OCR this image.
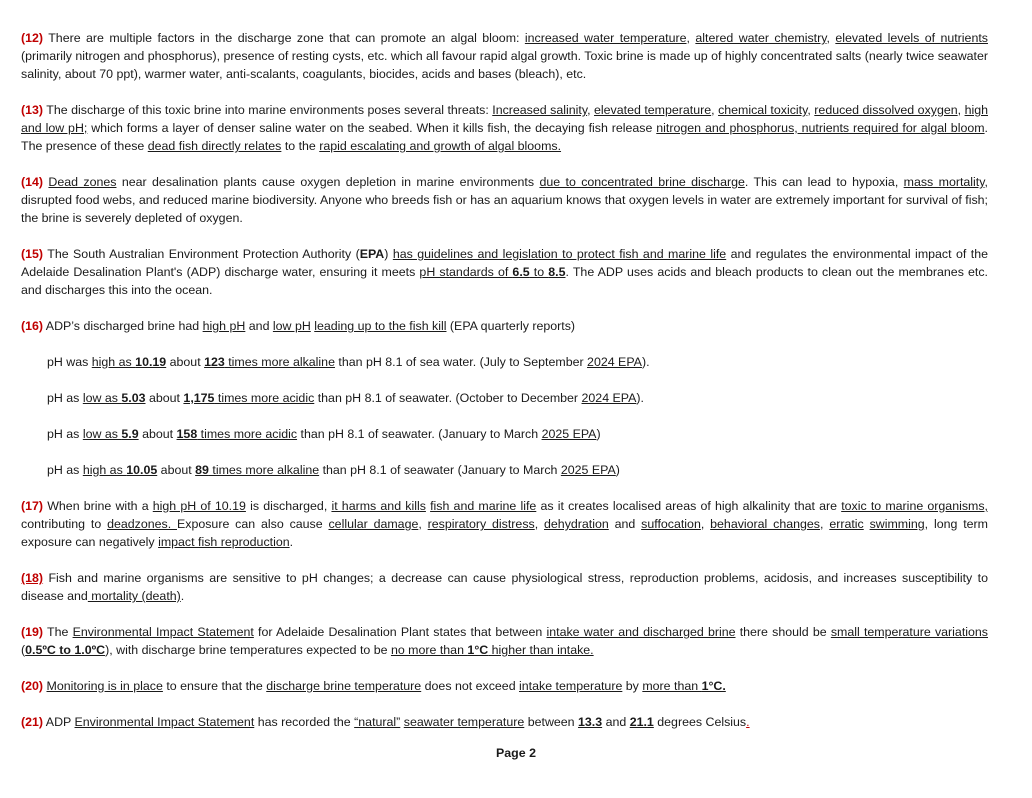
(12) There are multiple factors in the discharge zone that can promote an algal bloom: increased water temperature, altered water chemistry, elevated levels of nutrients (primarily nitrogen and phosphorus), presence of resting cysts, etc. which all favour rapid algal growth. Toxic brine is made up of highly concentrated salts (nearly twice seawater salinity, about 70 ppt), warmer water, anti-scalants, coagulants, biocides, acids and bases (bleach), etc.

(13) The discharge of this toxic brine into marine environments poses several threats: Increased salinity, elevated temperature, chemical toxicity, reduced dissolved oxygen, high and low pH; which forms a layer of denser saline water on the seabed. When it kills fish, the decaying fish release nitrogen and phosphorus, nutrients required for algal bloom. The presence of these dead fish directly relates to the rapid escalating and growth of algal blooms.

(14) Dead zones near desalination plants cause oxygen depletion in marine environments due to concentrated brine discharge. This can lead to hypoxia, mass mortality, disrupted food webs, and reduced marine biodiversity. Anyone who breeds fish or has an aquarium knows that oxygen levels in water are extremely important for survival of fish; the brine is severely depleted of oxygen.

(15) The South Australian Environment Protection Authority (EPA) has guidelines and legislation to protect fish and marine life and regulates the environmental impact of the Adelaide Desalination Plant's (ADP) discharge water, ensuring it meets pH standards of 6.5 to 8.5. The ADP uses acids and bleach products to clean out the membranes etc. and discharges this into the ocean.

(16) ADP’s discharged brine had high pH and low pH leading up to the fish kill (EPA quarterly reports)

pH was high as 10.19 about 123 times more alkaline than pH 8.1 of sea water. (July to September 2024 EPA).

pH as low as 5.03 about 1,175 times more acidic than pH 8.1 of seawater. (October to December 2024 EPA).

pH as low as 5.9 about 158 times more acidic than pH 8.1 of seawater. (January to March 2025 EPA)

pH as high as 10.05 about 89 times more alkaline than pH 8.1 of seawater (January to March 2025 EPA)

(17) When brine with a high pH of 10.19 is discharged, it harms and kills fish and marine life as it creates localised areas of high alkalinity that are toxic to marine organisms, contributing to deadzones. Exposure can also cause cellular damage, respiratory distress, dehydration and suffocation, behavioral changes, erratic swimming, long term exposure can negatively impact fish reproduction.

(18) Fish and marine organisms are sensitive to pH changes; a decrease can cause physiological stress, reproduction problems, acidosis, and increases susceptibility to disease and mortality (death).

(19) The Environmental Impact Statement for Adelaide Desalination Plant states that between intake water and discharged brine there should be small temperature variations (0.5ºC to 1.0ºC), with discharge brine temperatures expected to be no more than 1°C higher than intake.

(20) Monitoring is in place to ensure that the discharge brine temperature does not exceed intake temperature by more than 1°C.

(21) ADP Environmental Impact Statement has recorded the “natural” seawater temperature between 13.3 and 21.1 degrees Celsius.

Page 2
